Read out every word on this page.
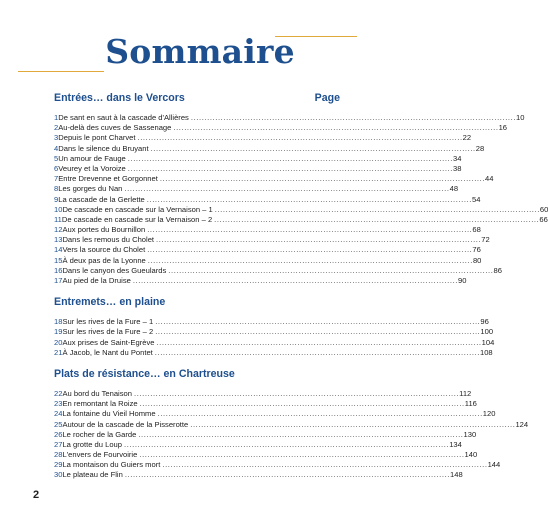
Sommaire
Entrées… dans le Vercors	Page
1 De sant en saut à la cascade d'Allières ........................................................................................................................ 10
2 Au-delà des cuves de Sassenage ........................................................................................................................ 16
3 Depuis le pont Charvet ........................................................................................................................ 22
4 Dans le silence du Bruyant ........................................................................................................................ 28
5 Un amour de Fauge ........................................................................................................................ 34
6 Veurey et la Voroize ........................................................................................................................ 38
7 Entre Drevenne et Gorgonnet ........................................................................................................................ 44
8 Les gorges du Nan ........................................................................................................................ 48
9 La cascade de la Gerlette ........................................................................................................................ 54
10 De cascade en cascade sur la Vernaison – 1 ........................................................................................................................ 60
11 De cascade en cascade sur la Vernaison – 2 ........................................................................................................................ 66
12 Aux portes du Bournillon ........................................................................................................................ 68
13 Dans les remous du Cholet ........................................................................................................................ 72
14 Vers la source du Cholet ........................................................................................................................ 76
15 À deux pas de la Lyonne ........................................................................................................................ 80
16 Dans le canyon des Gueulards ........................................................................................................................ 86
17 Au pied de la Druise ........................................................................................................................ 90
Entremets… en plaine
18 Sur les rives de la Fure – 1 ........................................................................................................................ 96
19 Sur les rives de la Fure – 2 ........................................................................................................................ 100
20 Aux prises de Saint-Egrève ........................................................................................................................ 104
21 À Jacob, le Nant du Pontet ........................................................................................................................ 108
Plats de résistance… en Chartreuse
22 Au bord du Tenaison ........................................................................................................................ 112
23 En remontant la Roize ........................................................................................................................ 116
24 La fontaine du Vieil Homme ........................................................................................................................ 120
25 Autour de la cascade de la Pisserotte ........................................................................................................................ 124
26 Le rocher de la Garde ........................................................................................................................ 130
27 La grotte du Loup ........................................................................................................................ 134
28 L'envers de Fourvoirie ........................................................................................................................ 140
29 La montaison du Guiers mort ........................................................................................................................ 144
30 Le plateau de Flin ........................................................................................................................ 148
2
